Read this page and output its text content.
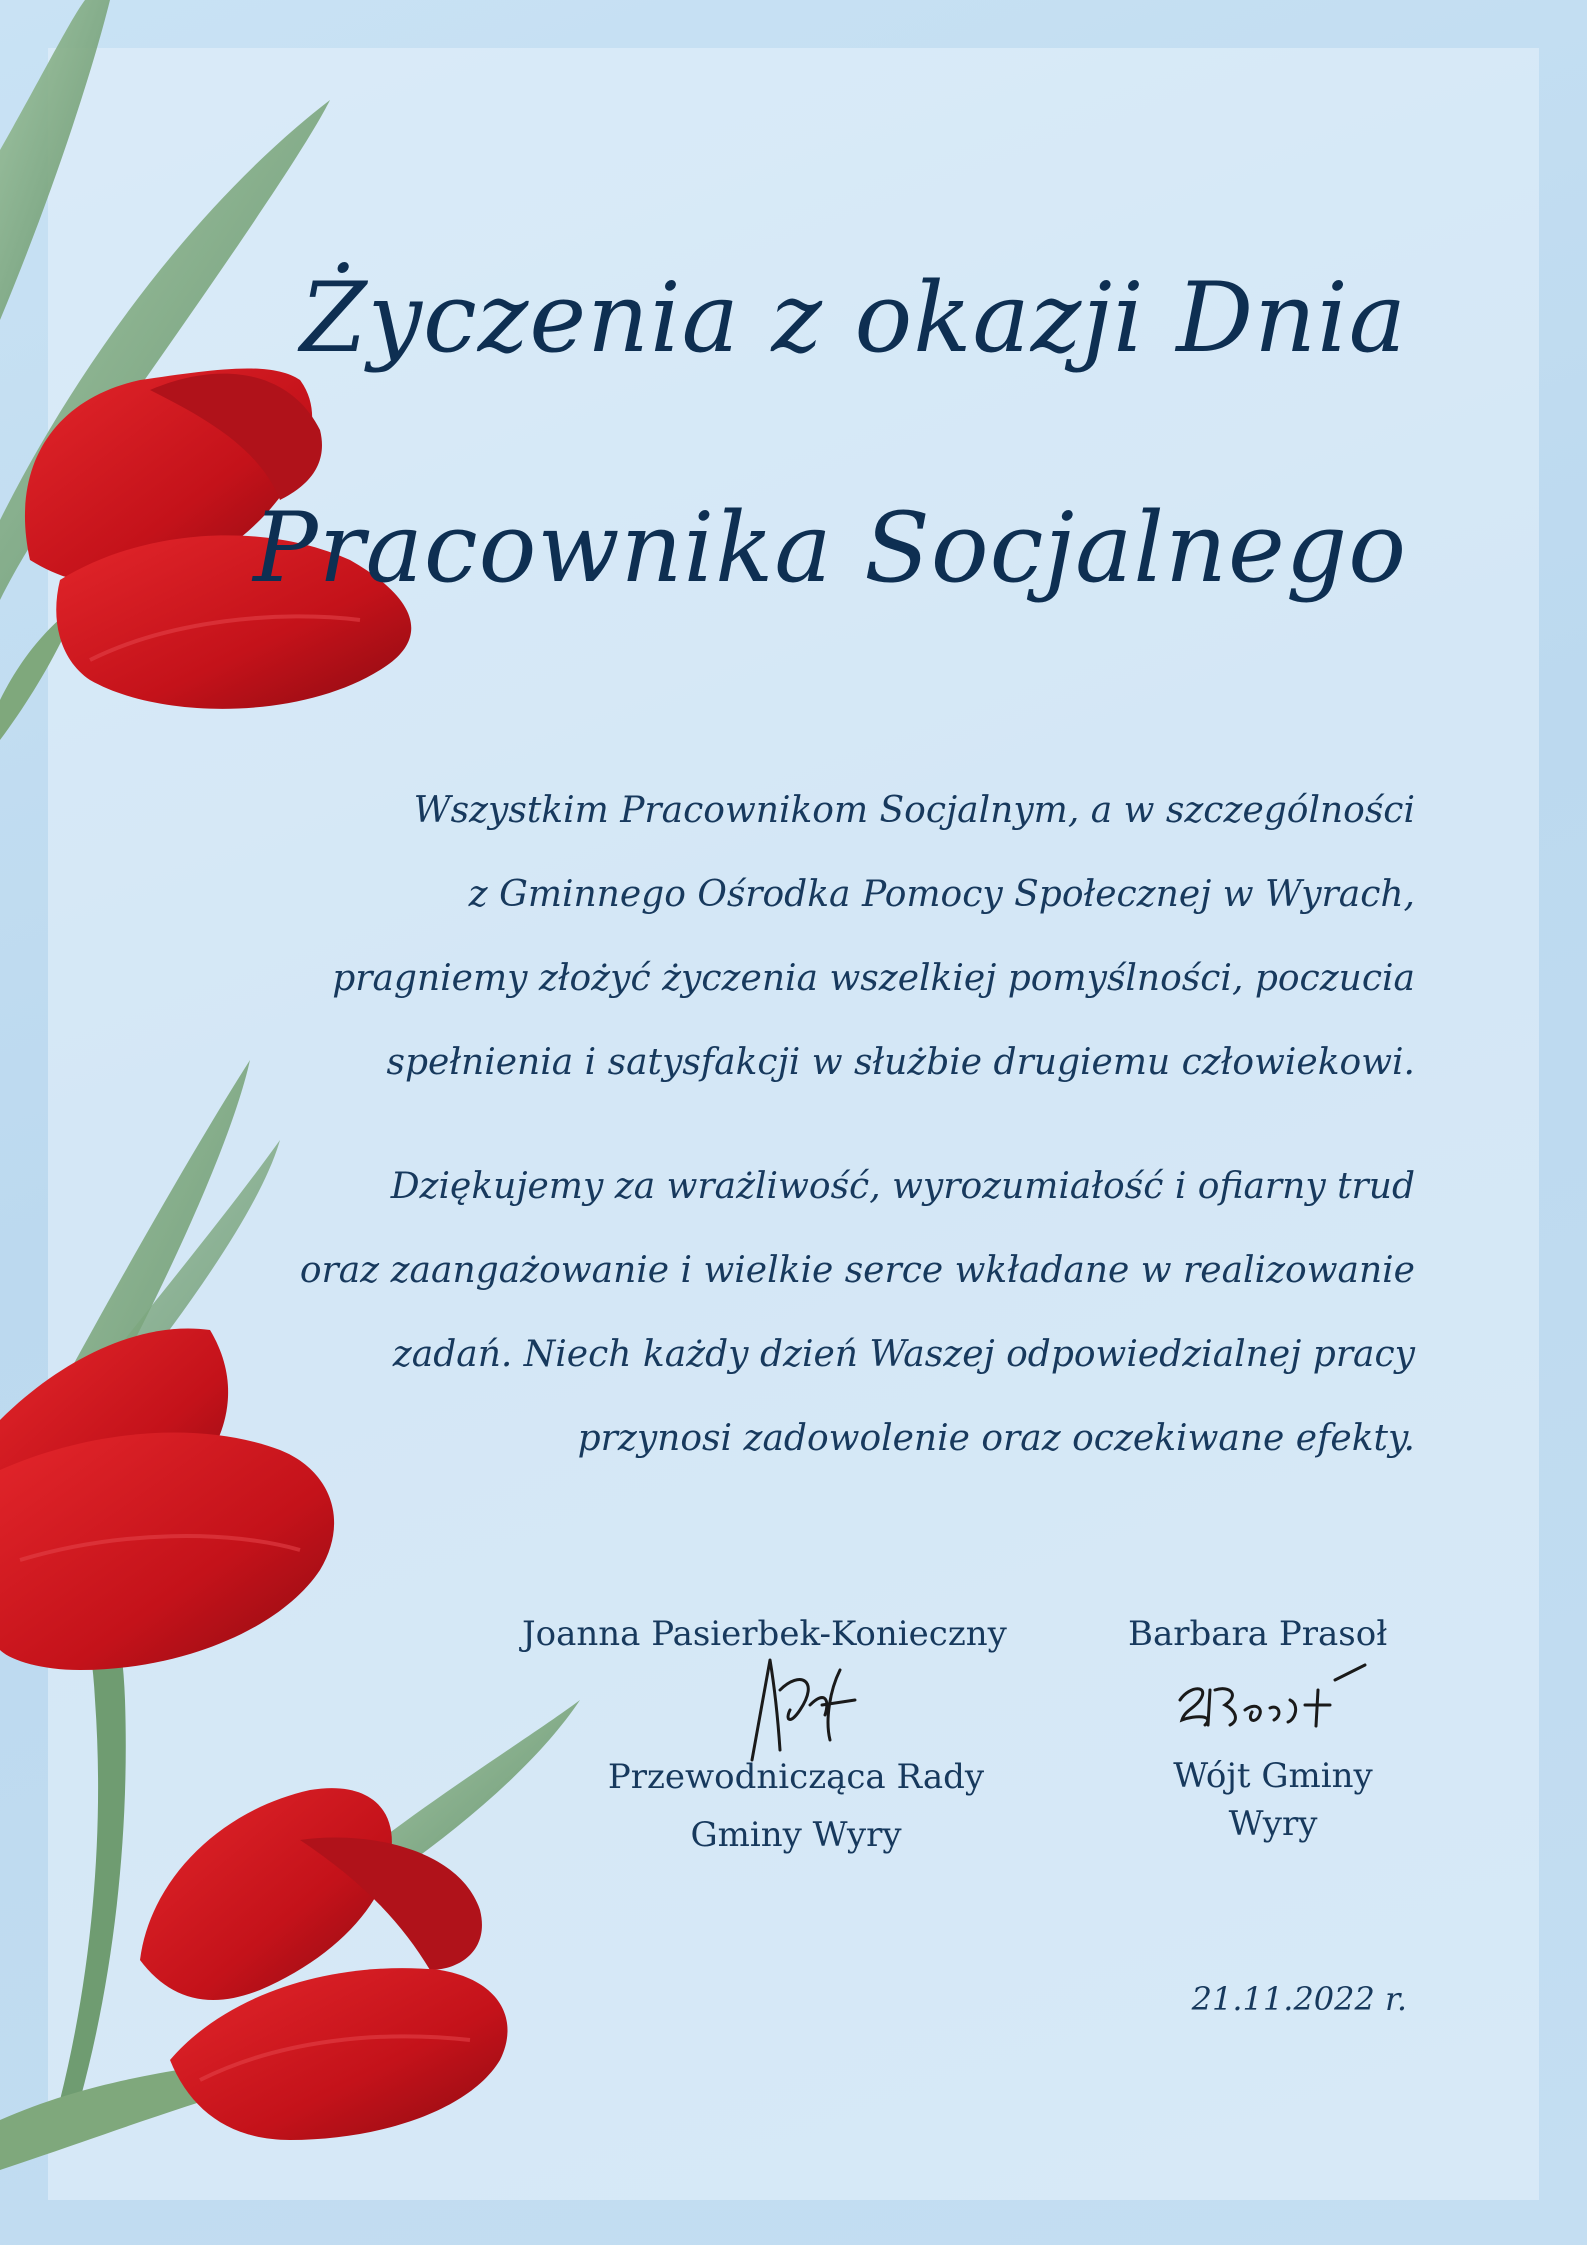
Życzenia z okazji Dnia
Pracownika Socjalnego
Wszystkim Pracownikom Socjalnym, a w szczególności
z Gminnego Ośrodka Pomocy Społecznej w Wyrach,
pragniemy złożyć życzenia wszelkiej pomyślności, poczucia
spełnienia i satysfakcji w służbie drugiemu człowiekowi.
Dziękujemy za wrażliwość, wyrozumiałość i ofiarny trud
oraz zaangażowanie i wielkie serce wkładane w realizowanie
zadań. Niech każdy dzień Waszej odpowiedzialnej pracy
przynosi zadowolenie oraz oczekiwane efekty.
Joanna Pasierbek-Konieczny	Barbara Prasoł
Przewodnicząca Rady
Gminy Wyry
Wójt Gminy
Wyry
21.11.2022 r.
